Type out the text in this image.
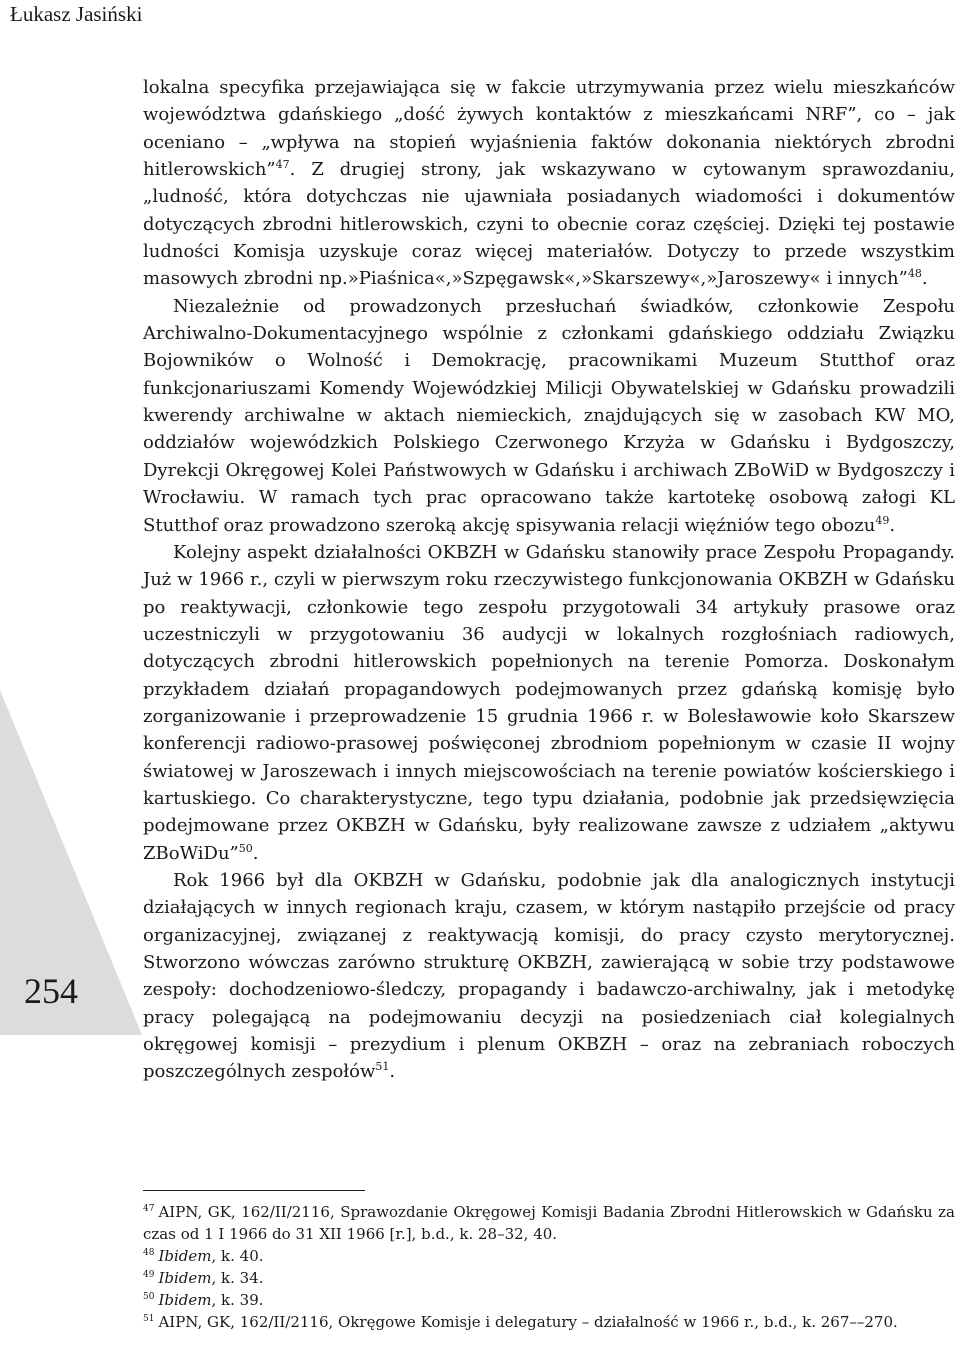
Łukasz Jasiński
254

lokalna specyfika przejawiająca się w fakcie utrzymywania przez wielu mieszkańców województwa gdańskiego „dość żywych kontaktów z mieszkańcami NRF”, co – jak oceniano – „wpływa na stopień wyjaśnienia faktów dokonania niektórych zbrodni hitlerowskich”$^{47}$. Z drugiej strony, jak wskazywano w cytowanym sprawozdaniu, „ludność, która dotychczas nie ujawniała posiadanych wiadomości i dokumentów dotyczących zbrodni hitlerowskich, czyni to obecnie coraz częściej. Dzięki tej postawie ludności Komisja uzyskuje coraz więcej materiałów. Dotyczy to przede wszystkim masowych zbrodni np.»Piaśnica«,»Szpęgawsk«,»Skarszewy«,»Jaroszewy« i innych”$^{48}$.

Niezależnie od prowadzonych przesłuchań świadków, członkowie Zespołu Archiwalno-Dokumentacyjnego wspólnie z członkami gdańskiego oddziału Związku Bojowników o Wolność i Demokrację, pracownikami Muzeum Stutthof oraz funkcjonariuszami Komendy Wojewódzkiej Milicji Obywatelskiej w Gdańsku prowadzili kwerendy archiwalne w aktach niemieckich, znajdujących się w zasobach KW MO, oddziałów wojewódzkich Polskiego Czerwonego Krzyża w Gdańsku i Bydgoszczy, Dyrekcji Okręgowej Kolei Państwowych w Gdańsku i archiwach ZBoWiD w Bydgoszczy i Wrocławiu. W ramach tych prac opracowano także kartotekę osobową załogi KL Stutthof oraz prowadzono szeroką akcję spisywania relacji więźniów tego obozu$^{49}$.

Kolejny aspekt działalności OKBZH w Gdańsku stanowiły prace Zespołu Propagandy. Już w 1966 r., czyli w pierwszym roku rzeczywistego funkcjonowania OKBZH w Gdańsku po reaktywacji, członkowie tego zespołu przygotowali 34 artykuły prasowe oraz uczestniczyli w przygotowaniu 36 audycji w lokalnych rozgłośniach radiowych, dotyczących zbrodni hitlerowskich popełnionych na terenie Pomorza. Doskonałym przykładem działań propagandowych podejmowanych przez gdańską komisję było zorganizowanie i przeprowadzenie 15 grudnia 1966 r. w Bolesławowie koło Skarszew konferencji radiowo-prasowej poświęconej zbrodniom popełnionym w czasie II wojny światowej w Jaroszewach i innych miejscowościach na terenie powiatów kościerskiego i kartuskiego. Co charakterystyczne, tego typu działania, podobnie jak przedsięwzięcia podejmowane przez OKBZH w Gdańsku, były realizowane zawsze z udziałem „aktywu ZBoWiDu”$^{50}$.

Rok 1966 był dla OKBZH w Gdańsku, podobnie jak dla analogicznych instytucji działających w innych regionach kraju, czasem, w którym nastąpiło przejście od pracy organizacyjnej, związanej z reaktywacją komisji, do pracy czysto merytorycznej. Stworzono wówczas zarówno strukturę OKBZH, zawierającą w sobie trzy podstawowe zespoły: dochodzeniowo-śledczy, propagandy i badawczo-archiwalny, jak i metodykę pracy polegającą na podejmowaniu decyzji na posiedzeniach ciał kolegialnych okręgowej komisji – prezydium i plenum OKBZH – oraz na zebraniach roboczych poszczególnych zespołów$^{51}$.

$^{47}$ AIPN, GK, 162/II/2116, Sprawozdanie Okręgowej Komisji Badania Zbrodni Hitlerowskich w Gdańsku za czas od 1 I 1966 do 31 XII 1966 [r.], b.d., k. 28–32, 40.

$^{48}$ Ibidem, k. 40.

$^{49}$ Ibidem, k. 34.

$^{50}$ Ibidem, k. 39.

$^{51}$ AIPN, GK, 162/II/2116, Okręgowe Komisje i delegatury – działalność w 1966 r., b.d., k. 267––270.
